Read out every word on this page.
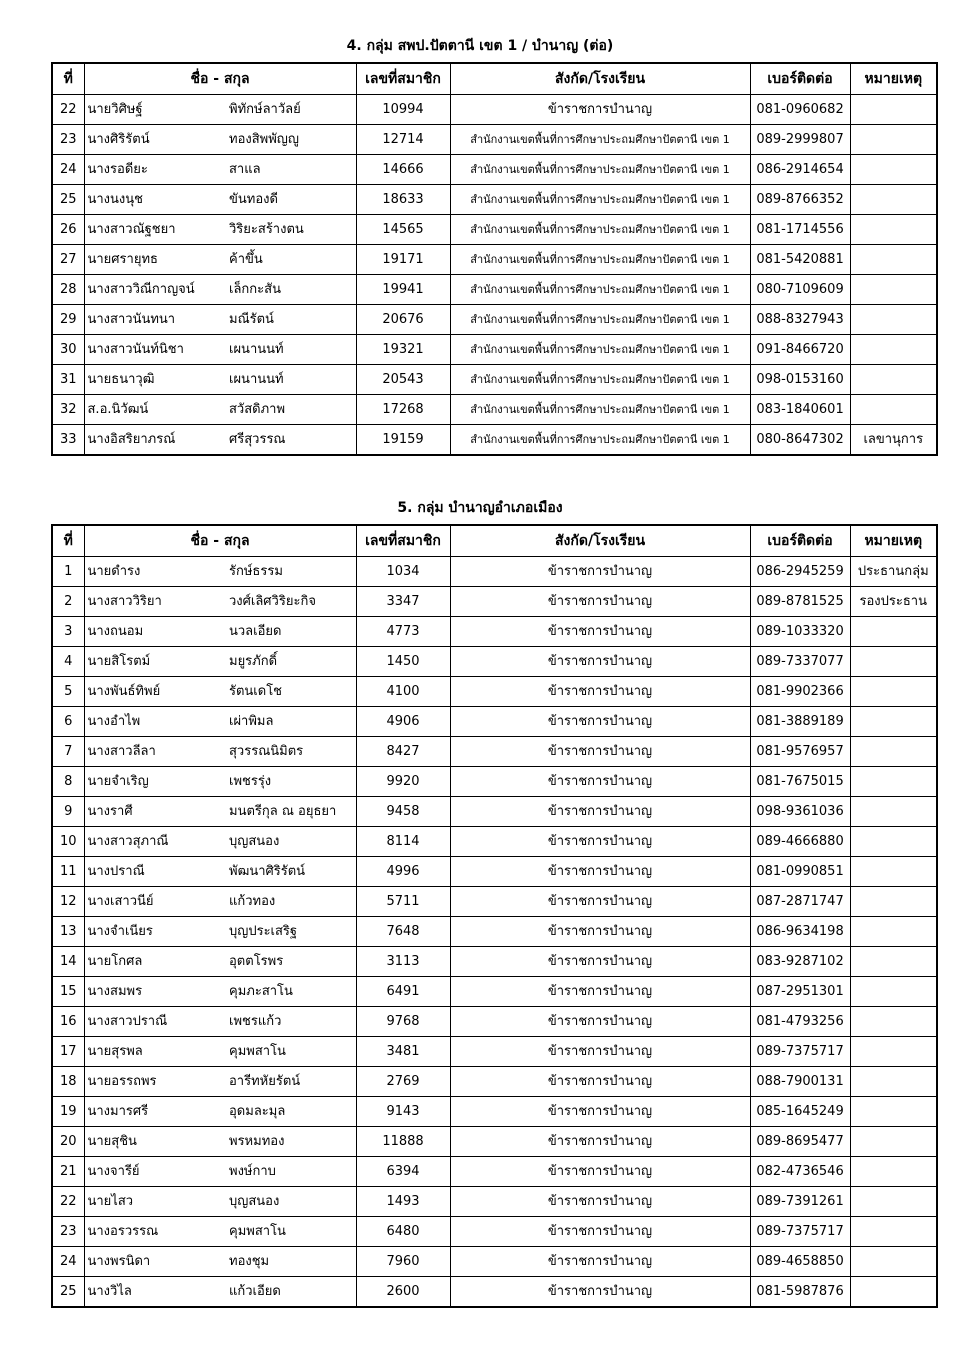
4. กลุ่ม สพป.ปัตตานี เขต 1 / บำนาญ (ต่อ)
ที่	ชื่อ - สกุล		เลขที่สมาชิก	สังกัด/โรงเรียน	เบอร์ติดต่อ	หมายเหตุ
22	นายวิศิษฐ์	พิทักษ์ลาวัลย์	10994	ข้าราชการบำนาญ	081-0960682	
23	นางศิริรัตน์	ทองสิพพัญญู	12714	สำนักงานเขตพื้นที่การศึกษาประถมศึกษาปัตตานี เขต 1	089-2999807	
24	นางรอดียะ	สาแล	14666	สำนักงานเขตพื้นที่การศึกษาประถมศึกษาปัตตานี เขต 1	086-2914654	
25	นางนงนุช	ขันทองดี	18633	สำนักงานเขตพื้นที่การศึกษาประถมศึกษาปัตตานี เขต 1	089-8766352	
26	นางสาวณัฐชยา	วิริยะสร้างตน	14565	สำนักงานเขตพื้นที่การศึกษาประถมศึกษาปัตตานี เขต 1	081-1714556	
27	นายศรายุทธ	ค้าขึ้น	19171	สำนักงานเขตพื้นที่การศึกษาประถมศึกษาปัตตานี เขต 1	081-5420881	
28	นางสาววิณีกาญจน์	เล็กกะสัน	19941	สำนักงานเขตพื้นที่การศึกษาประถมศึกษาปัตตานี เขต 1	080-7109609	
29	นางสาวนันทนา	มณีรัตน์	20676	สำนักงานเขตพื้นที่การศึกษาประถมศึกษาปัตตานี เขต 1	088-8327943	
30	นางสาวนันท์นิชา	เผนานนท์	19321	สำนักงานเขตพื้นที่การศึกษาประถมศึกษาปัตตานี เขต 1	091-8466720	
31	นายธนาวุฒิ	เผนานนท์	20543	สำนักงานเขตพื้นที่การศึกษาประถมศึกษาปัตตานี เขต 1	098-0153160	
32	ส.อ.นิวัฒน์	สวัสดิภาพ	17268	สำนักงานเขตพื้นที่การศึกษาประถมศึกษาปัตตานี เขต 1	083-1840601	
33	นางอิสริยาภรณ์	ศรีสุวรรณ	19159	สำนักงานเขตพื้นที่การศึกษาประถมศึกษาปัตตานี เขต 1	080-8647302	เลขานุการ
5. กลุ่ม บำนาญอำเภอเมือง
ที่	ชื่อ - สกุล		เลขที่สมาชิก	สังกัด/โรงเรียน	เบอร์ติดต่อ	หมายเหตุ
1	นายดำรง	รักษ์ธรรม	1034	ข้าราชการบำนาญ	086-2945259	ประธานกลุ่ม
2	นางสาววิริยา	วงศ์เลิศวิริยะกิจ	3347	ข้าราชการบำนาญ	089-8781525	รองประธาน
3	นางถนอม	นวลเอียด	4773	ข้าราชการบำนาญ	089-1033320	
4	นายสิโรตม์	มยูรภักดิ์	1450	ข้าราชการบำนาญ	089-7337077	
5	นางพันธ์ทิพย์	รัตนเดโช	4100	ข้าราชการบำนาญ	081-9902366	
6	นางอำไพ	เผ่าพิมล	4906	ข้าราชการบำนาญ	081-3889189	
7	นางสาวลีลา	สุวรรณนิมิตร	8427	ข้าราชการบำนาญ	081-9576957	
8	นายจำเริญ	เพชรรุ่ง	9920	ข้าราชการบำนาญ	081-7675015	
9	นางราศี	มนตรีกุล ณ อยุธยา	9458	ข้าราชการบำนาญ	098-9361036	
10	นางสาวสุภาณี	บุญสนอง	8114	ข้าราชการบำนาญ	089-4666880	
11	นางปราณี	พัฒนาศิริรัตน์	4996	ข้าราชการบำนาญ	081-0990851	
12	นางเสาวนีย์	แก้วทอง	5711	ข้าราชการบำนาญ	087-2871747	
13	นางจำเนียร	บุญประเสริฐ	7648	ข้าราชการบำนาญ	086-9634198	
14	นายโกศล	อุตตโรพร	3113	ข้าราชการบำนาญ	083-9287102	
15	นางสมพร	คุมภะสาโน	6491	ข้าราชการบำนาญ	087-2951301	
16	นางสาวปราณี	เพชรแก้ว	9768	ข้าราชการบำนาญ	081-4793256	
17	นายสุรพล	คุมพสาโน	3481	ข้าราชการบำนาญ	089-7375717	
18	นายอรรถพร	อารีทหัยรัตน์	2769	ข้าราชการบำนาญ	088-7900131	
19	นางมารศรี	อุดมละมุล	9143	ข้าราชการบำนาญ	085-1645249	
20	นายสุชิน	พรหมทอง	11888	ข้าราชการบำนาญ	089-8695477	
21	นางจารีย์	พงษ์กาบ	6394	ข้าราชการบำนาญ	082-4736546	
22	นายไสว	บุญสนอง	1493	ข้าราชการบำนาญ	089-7391261	
23	นางอรวรรณ	คุมพสาโน	6480	ข้าราชการบำนาญ	089-7375717	
24	นางพรนิดา	ทองชุม	7960	ข้าราชการบำนาญ	089-4658850	
25	นางวิไล	แก้วเอียด	2600	ข้าราชการบำนาญ	081-5987876	
